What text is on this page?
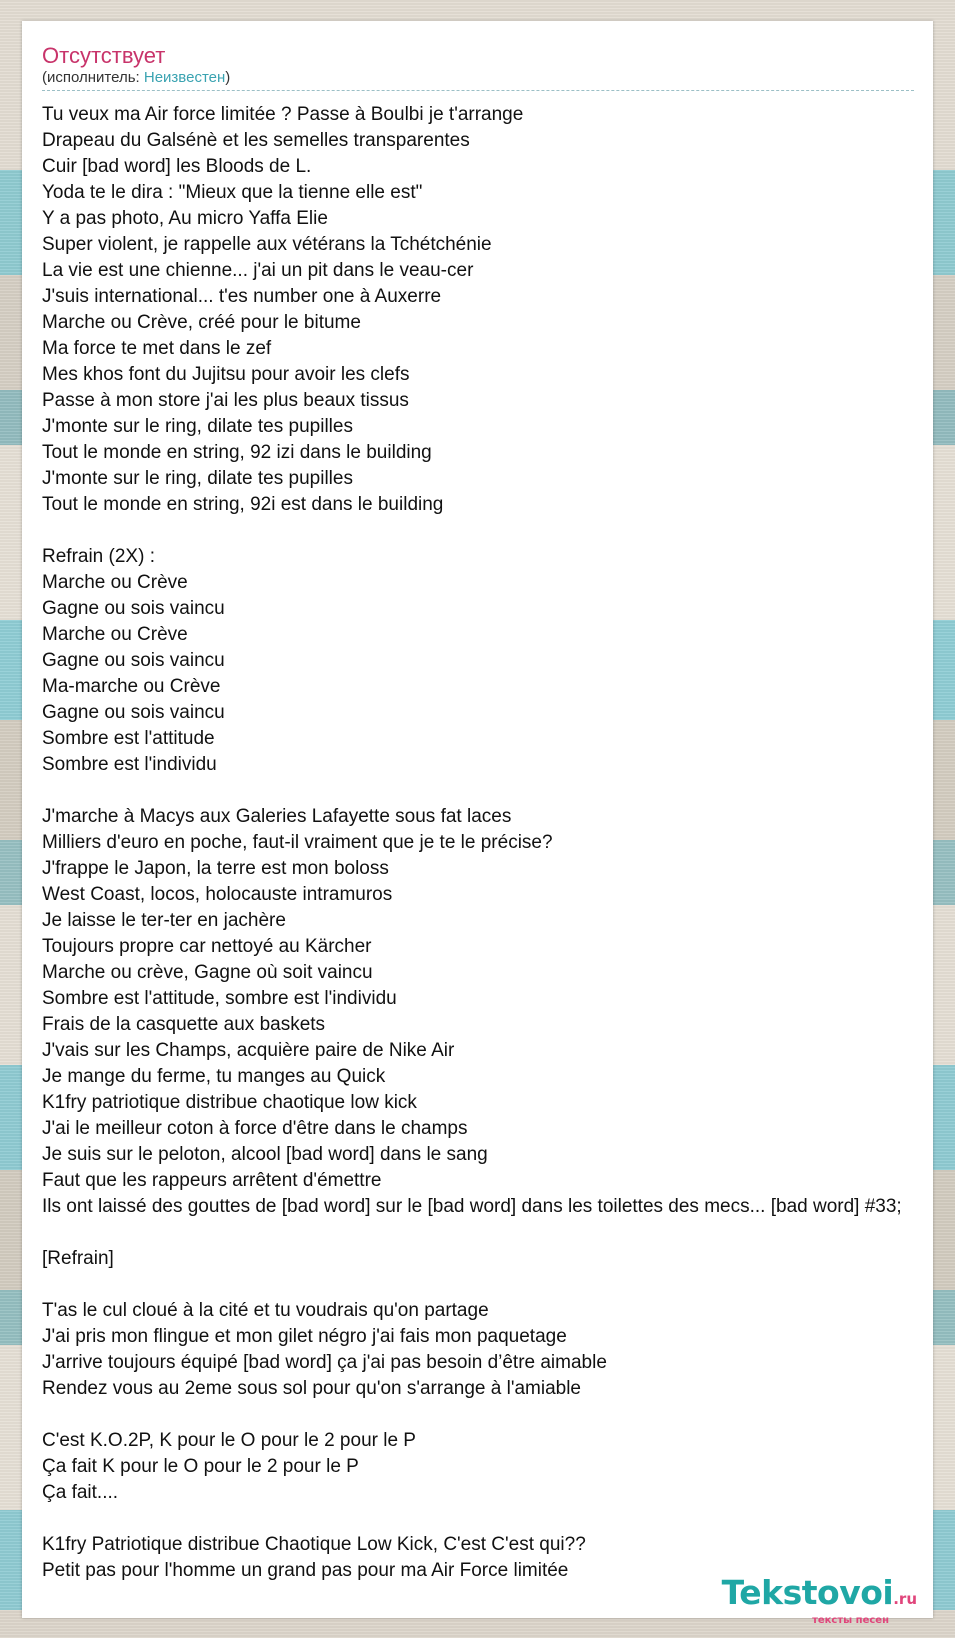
Отсутствует
(исполнитель: Неизвестен)
Tu veux ma Air force limitée ? Passe à Boulbi je t'arrange
Drapeau du Galsénè et les semelles transparentes
Cuir [bad word] les Bloods de L.
Yoda te le dira : "Mieux que la tienne elle est"
Y a pas photo, Au micro Yaffa Elie
Super violent, je rappelle aux vétérans la Tchétchénie
La vie est une chienne... j'ai un pit dans le veau-cer
J'suis international... t'es number one à Auxerre
Marche ou Crève, créé pour le bitume
Ma force te met dans le zef
Mes khos font du Jujitsu pour avoir les clefs
Passe à mon store j'ai les plus beaux tissus
J'monte sur le ring, dilate tes pupilles
Tout le monde en string, 92 izi dans le building
J'monte sur le ring, dilate tes pupilles
Tout le monde en string, 92i est dans le building

Refrain (2X) :
Marche ou Crève
Gagne ou sois vaincu
Marche ou Crève
Gagne ou sois vaincu
Ma-marche ou Crève
Gagne ou sois vaincu
Sombre est l'attitude
Sombre est l'individu

J'marche à Macys aux Galeries Lafayette sous fat laces
Milliers d'euro en poche, faut-il vraiment que je te le précise?
J'frappe le Japon, la terre est mon boloss
West Coast, locos, holocauste intramuros
Je laisse le ter-ter en jachère
Toujours propre car nettoyé au Kärcher
Marche ou crève, Gagne où soit vaincu
Sombre est l'attitude, sombre est l'individu
Frais de la casquette aux baskets
J'vais sur les Champs, acquière paire de Nike Air
Je mange du ferme, tu manges au Quick
K1fry patriotique distribue chaotique low kick
J'ai le meilleur coton à force d'être dans le champs
Je suis sur le peloton, alcool [bad word] dans le sang
Faut que les rappeurs arrêtent d'émettre
Ils ont laissé des gouttes de [bad word] sur le [bad word] dans les toilettes des mecs... [bad word] #33;

[Refrain]

T'as le cul cloué à la cité et tu voudrais qu'on partage
J'ai pris mon flingue et mon gilet négro j'ai fais mon paquetage
J'arrive toujours équipé [bad word] ça j'ai pas besoin d’être aimable
Rendez vous au 2eme sous sol pour qu'on s'arrange à l'amiable

C'est K.O.2P, K pour le O pour le 2 pour le P
Ça fait K pour le O pour le 2 pour le P
Ça fait....

K1fry Patriotique distribue Chaotique Low Kick, C'est C'est qui??
Petit pas pour l'homme un grand pas pour ma Air Force limitée
Tekstovoi.ru
тексты песен
